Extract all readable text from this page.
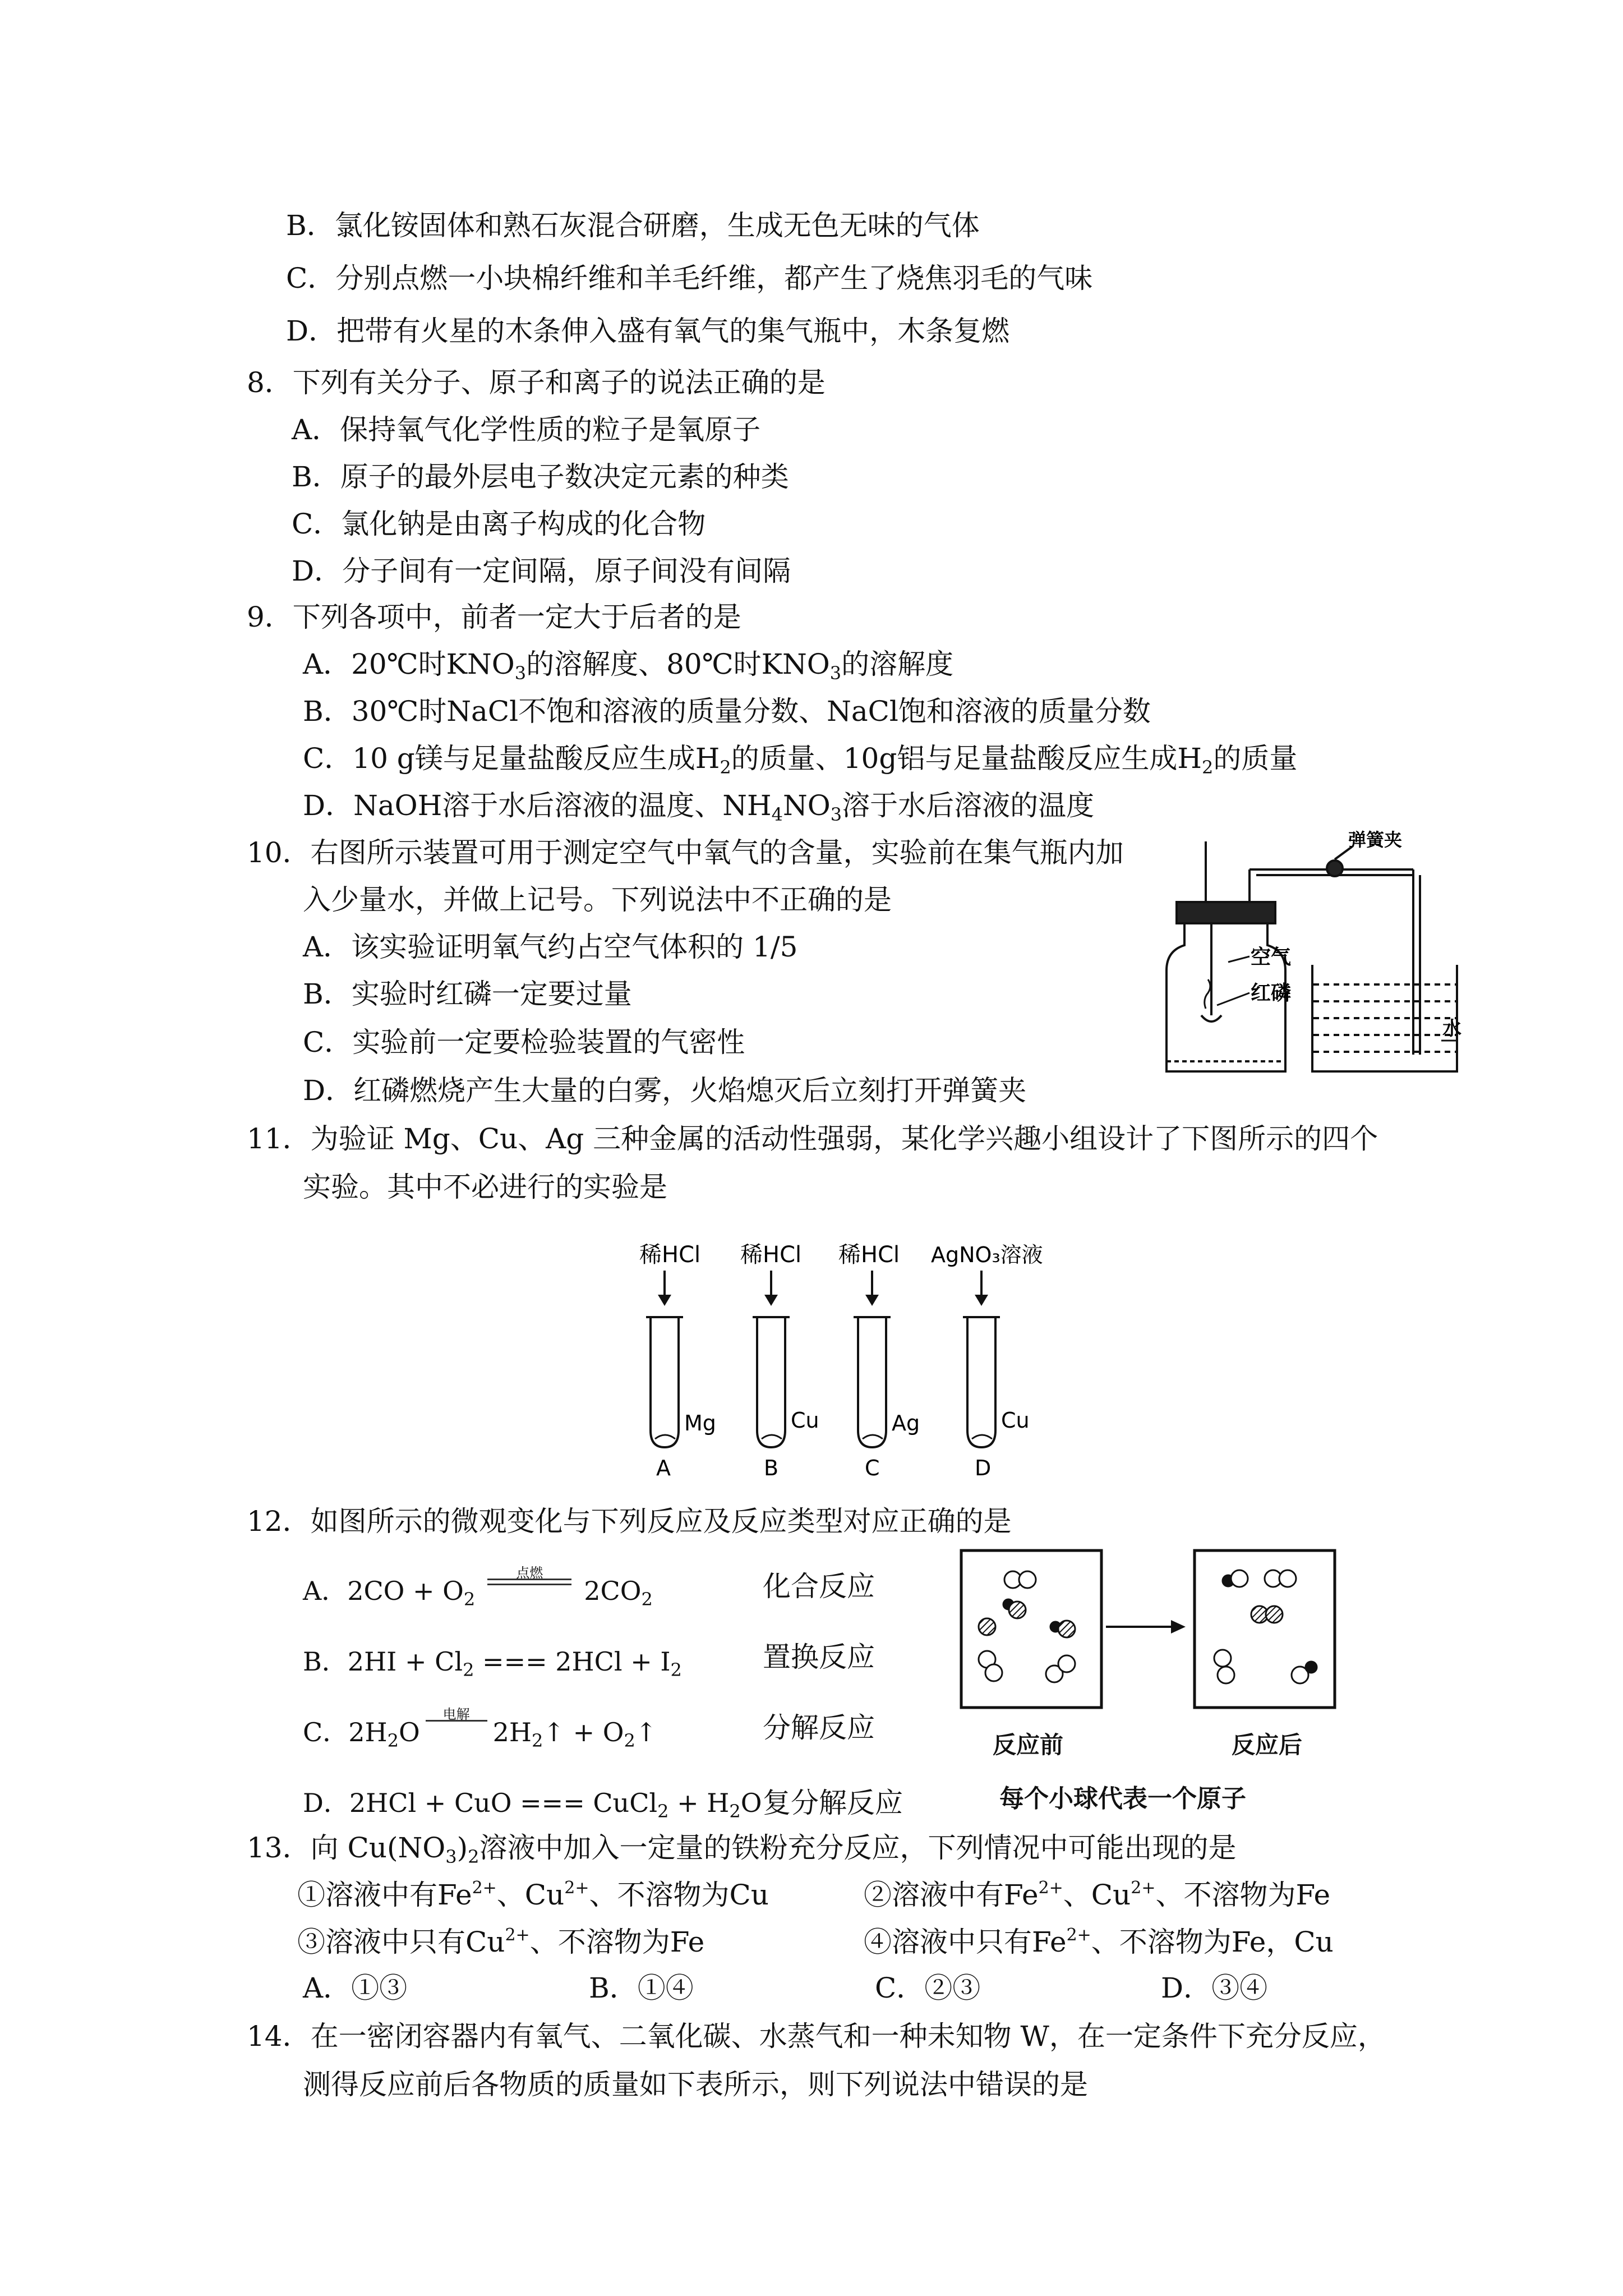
B．氯化铵固体和熟石灰混合研磨，生成无色无味的气体
C．分别点燃一小块棉纤维和羊毛纤维，都产生了烧焦羽毛的气味
D．把带有火星的木条伸入盛有氧气的集气瓶中，木条复燃
8．下列有关分子、原子和离子的说法正确的是
A．保持氧气化学性质的粒子是氧原子
B．原子的最外层电子数决定元素的种类
C．氯化钠是由离子构成的化合物
D．分子间有一定间隔，原子间没有间隔
9．下列各项中，前者一定大于后者的是
A．20℃时$KNO_3$的溶解度、80℃时$KNO_3$的溶解度
B．30℃时NaCl不饱和溶液的质量分数、NaCl饱和溶液的质量分数
C．10 g镁与足量盐酸反应生成$H_2$的质量、10g铝与足量盐酸反应生成$H_2$的质量
D．NaOH溶于水后溶液的温度、$NH_4NO_3$溶于水后溶液的温度
10．右图所示装置可用于测定空气中氧气的含量，实验前在集气瓶内加
入少量水，并做上记号。下列说法中不正确的是
A．该实验证明氧气约占空气体积的 1/5
B．实验时红磷一定要过量
C．实验前一定要检验装置的气密性
D．红磷燃烧产生大量的白雾，火焰熄灭后立刻打开弹簧夹
弹簧夹
空气
红磷
水
11．为验证 Mg、Cu、Ag 三种金属的活动性强弱，某化学兴趣小组设计了下图所示的四个
实验。其中不必进行的实验是
稀HCl
Mg
A
稀HCl
Cu
B
稀HCl
Ag
C
AgNO₃溶液
Cu
D
12．如图所示的微观变化与下列反应及反应类型对应正确的是
A．$2CO + O_2$
点燃
$2CO_2$	化合反应
B．$2HI + Cl_2$ === $2HCl + I_2$	置换反应
C．$2H_2O$
电解
$2H_2↑$ + $O_2↑$	分解反应
D．2HCl + CuO === CuCl$_2$ + $H_2O$ 复分解反应
反应前	反应后
每个小球代表一个原子
13．向 $Cu(NO_3)_2$溶液中加入一定量的铁粉充分反应，下列情况中可能出现的是
①溶液中有$Fe^{2+}$、$Cu^{2+}$、不溶物为Cu	②溶液中有$Fe^{2+}$、$Cu^{2+}$、不溶物为Fe
③溶液中只有$Cu^{2+}$、不溶物为Fe	④溶液中只有$Fe^{2+}$、不溶物为Fe，Cu
A．①③	B．①④	C．②③	D．③④
14．在一密闭容器内有氧气、二氧化碳、水蒸气和一种未知物 W，在一定条件下充分反应，
测得反应前后各物质的质量如下表所示，则下列说法中错误的是
